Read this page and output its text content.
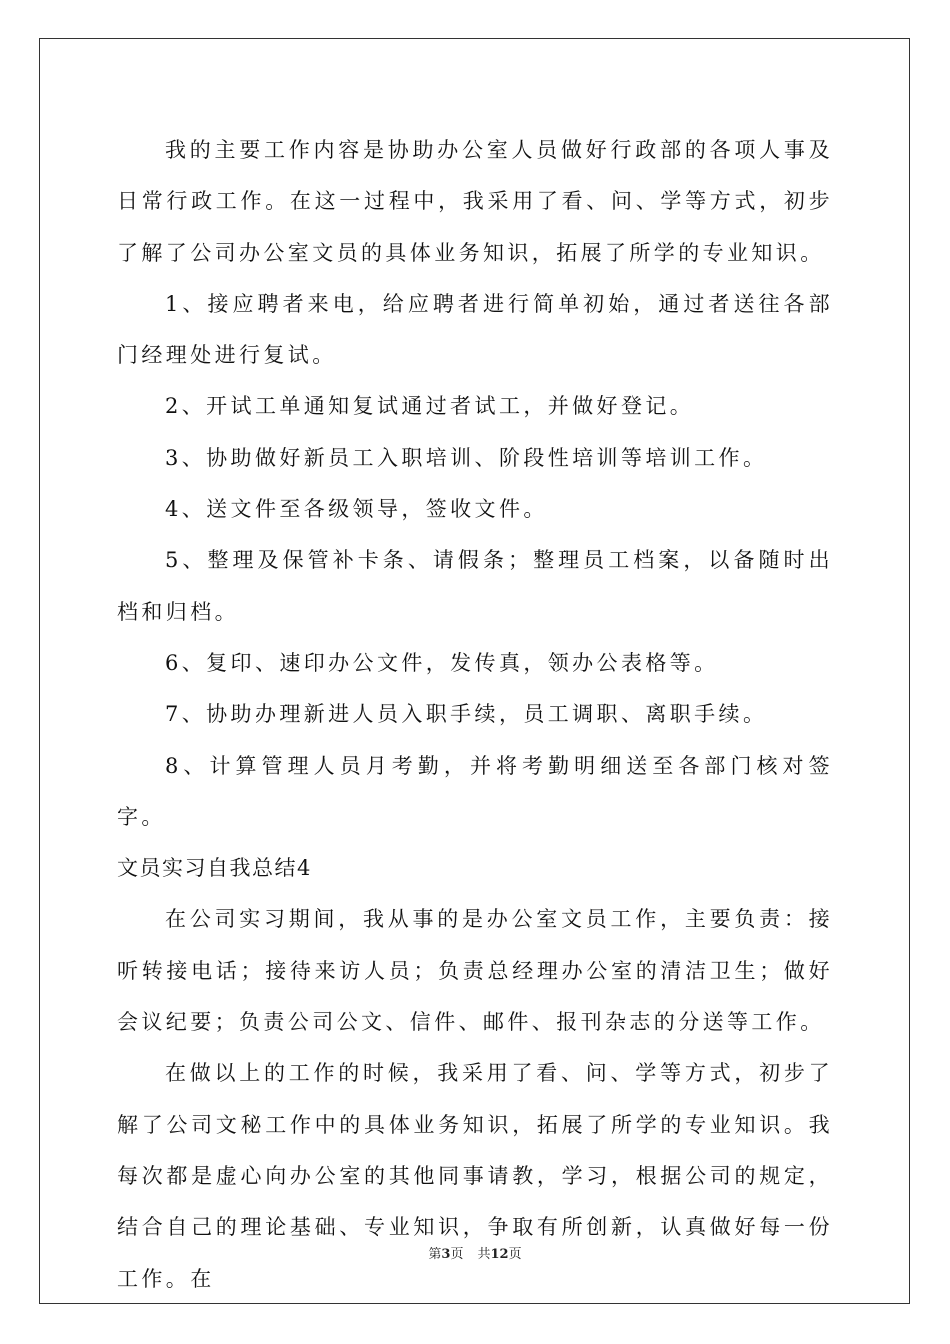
我的主要工作内容是协助办公室人员做好行政部的各项人事及日常行政工作。在这一过程中，我采用了看、问、学等方式，初步了解了公司办公室文员的具体业务知识，拓展了所学的专业知识。

1、接应聘者来电，给应聘者进行简单初始，通过者送往各部门经理处进行复试。

2、开试工单通知复试通过者试工，并做好登记。

3、协助做好新员工入职培训、阶段性培训等培训工作。

4、送文件至各级领导，签收文件。

5、整理及保管补卡条、请假条；整理员工档案，以备随时出档和归档。

6、复印、速印办公文件，发传真，领办公表格等。

7、协助办理新进人员入职手续，员工调职、离职手续。

8、计算管理人员月考勤，并将考勤明细送至各部门核对签字。

文员实习自我总结4

在公司实习期间，我从事的是办公室文员工作，主要负责：接听转接电话；接待来访人员；负责总经理办公室的清洁卫生；做好会议纪要；负责公司公文、信件、邮件、报刊杂志的分送等工作。

在做以上的工作的时候，我采用了看、问、学等方式，初步了解了公司文秘工作中的具体业务知识，拓展了所学的专业知识。我每次都是虚心向办公室的其他同事请教，学习，根据公司的规定，结合自己的理论基础、专业知识，争取有所创新，认真做好每一份工作。在

第3页 共12页
